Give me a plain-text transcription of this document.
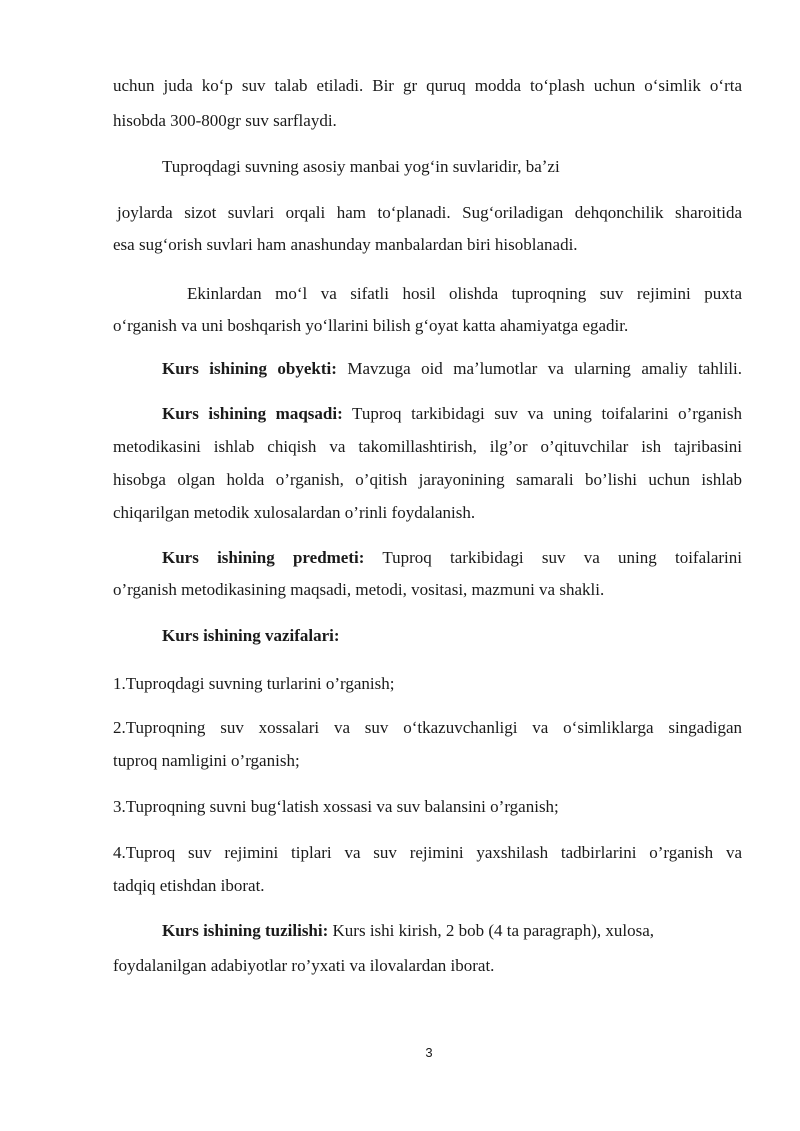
uchun juda koʻp suv talab etiladi. Bir gr quruq modda toʻplash uchun oʻsimlik oʻrta
hisobda 300-800gr suv sarflaydi.
Tuproqdagi suvning asosiy manbai yogʻin suvlaridir, baʼzi
joylarda sizot suvlari orqali ham toʻplanadi. Sugʻoriladigan dehqonchilik sharoitida
esa sugʻorish suvlari ham anashunday manbalardan biri hisoblanadi.
Ekinlardan moʻl va sifatli hosil olishda tuproqning suv rejimini puxta
oʻrganish va uni boshqarish yoʻllarini bilish gʻoyat katta ahamiyatga egadir.
Kurs ishining obyekti: Mavzuga oid maʼlumotlar va ularning amaliy tahlili.
Kurs ishining maqsadi: Tuproq tarkibidagi suv va uning toifalarini o’rganish
metodikasini ishlab chiqish va takomillashtirish, ilg’or o’qituvchilar ish tajribasini
hisobga olgan holda o’rganish, o’qitish jarayonining samarali bo’lishi uchun ishlab
chiqarilgan metodik xulosalardan o’rinli foydalanish.
Kurs ishining predmeti: Tuproq tarkibidagi suv va uning toifalarini
o’rganish metodikasining maqsadi, metodi, vositasi, mazmuni va shakli.
Kurs ishining vazifalari:
1.Tuproqdagi suvning turlarini o’rganish;
2.Tuproqning suv xossalari va suv oʻtkazuvchanligi va oʻsimliklarga singadigan
tuproq namligini o’rganish;
3.Tuproqning suvni bugʻlatish xossasi va suv balansini o’rganish;
4.Tuproq suv rejimini tiplari va suv rejimini yaxshilash tadbirlarini o’rganish va
tadqiq etishdan iborat.
Kurs ishining tuzilishi: Kurs ishi kirish, 2 bob (4 ta paragraph), xulosa,
foydalanilgan adabiyotlar ro’yxati va ilovalardan iborat.
3
